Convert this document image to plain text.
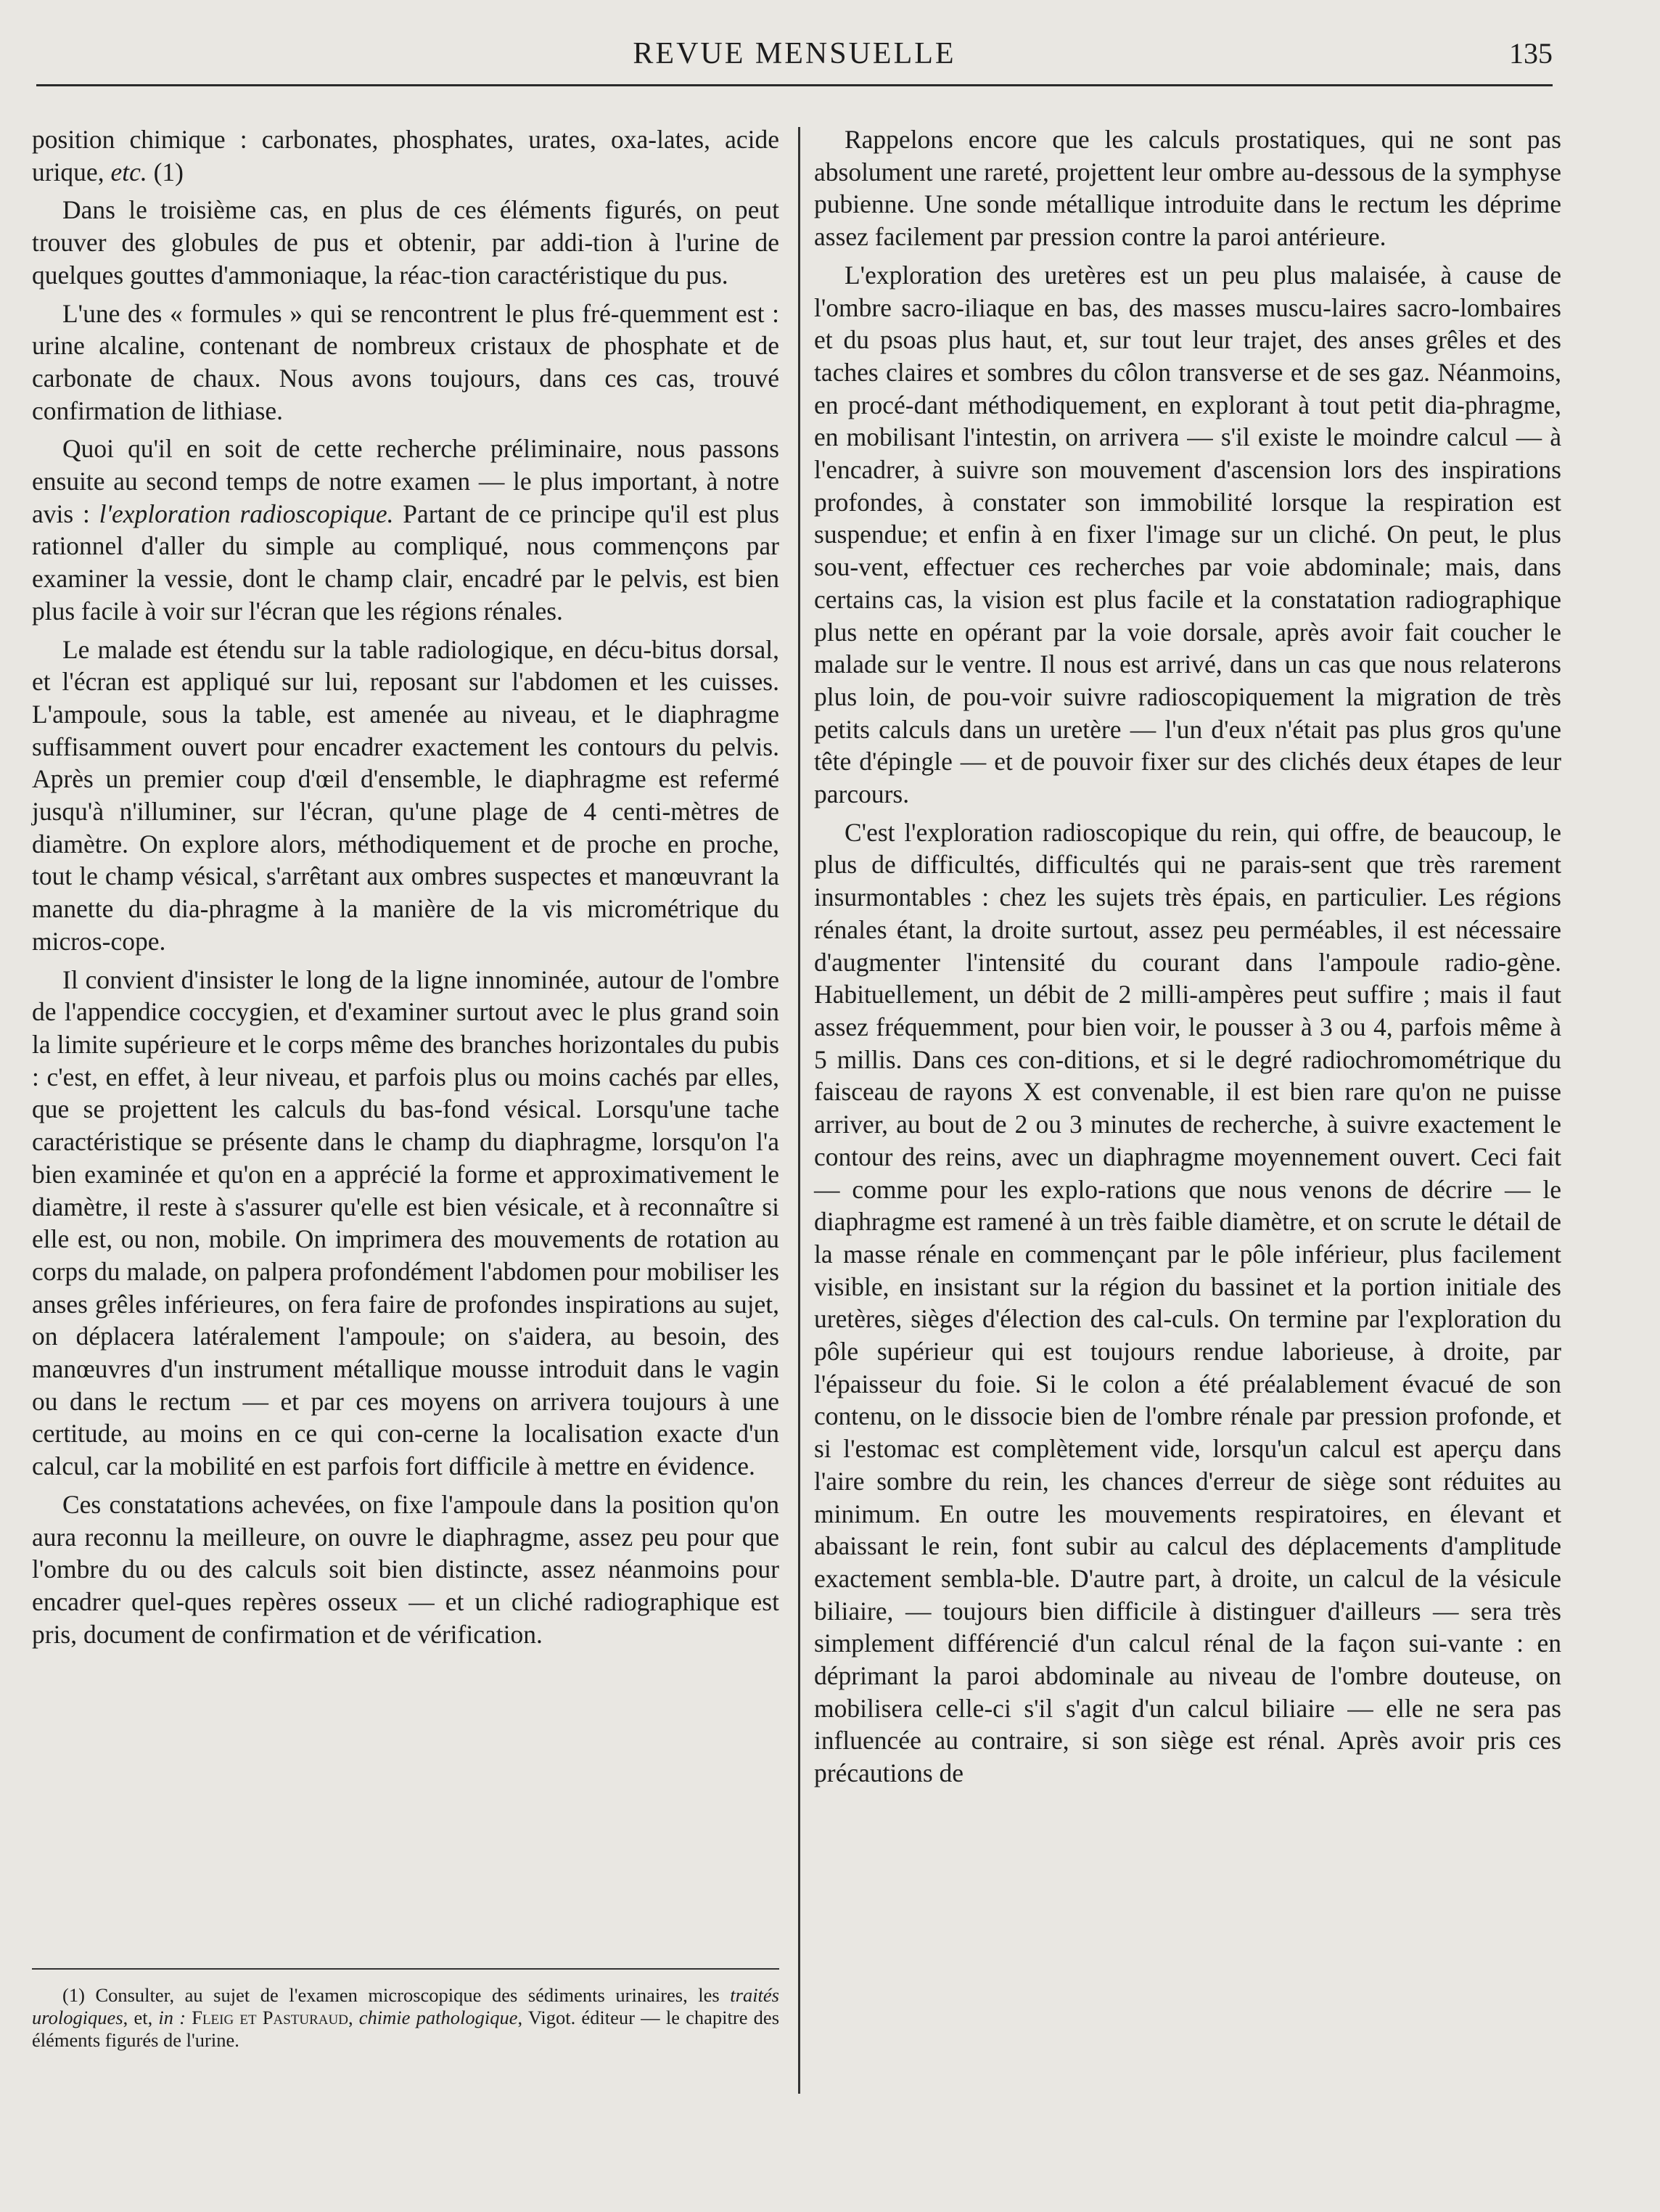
REVUE MENSUELLE	135

position chimique : carbonates, phosphates, urates, oxa-lates, acide urique, etc. (1)

Dans le troisième cas, en plus de ces éléments figurés, on peut trouver des globules de pus et obtenir, par addi-tion à l'urine de quelques gouttes d'ammoniaque, la réac-tion caractéristique du pus.

L'une des « formules » qui se rencontrent le plus fré-quemment est : urine alcaline, contenant de nombreux cristaux de phosphate et de carbonate de chaux. Nous avons toujours, dans ces cas, trouvé confirmation de lithiase.

Quoi qu'il en soit de cette recherche préliminaire, nous passons ensuite au second temps de notre examen — le plus important, à notre avis : l'exploration radioscopique. Partant de ce principe qu'il est plus rationnel d'aller du simple au compliqué, nous commençons par examiner la vessie, dont le champ clair, encadré par le pelvis, est bien plus facile à voir sur l'écran que les régions rénales.

Le malade est étendu sur la table radiologique, en décu-bitus dorsal, et l'écran est appliqué sur lui, reposant sur l'abdomen et les cuisses. L'ampoule, sous la table, est amenée au niveau, et le diaphragme suffisamment ouvert pour encadrer exactement les contours du pelvis. Après un premier coup d'œil d'ensemble, le diaphragme est refermé jusqu'à n'illuminer, sur l'écran, qu'une plage de 4 centi-mètres de diamètre. On explore alors, méthodiquement et de proche en proche, tout le champ vésical, s'arrêtant aux ombres suspectes et manœuvrant la manette du dia-phragme à la manière de la vis micrométrique du micros-cope.

Il convient d'insister le long de la ligne innominée, autour de l'ombre de l'appendice coccygien, et d'examiner surtout avec le plus grand soin la limite supérieure et le corps même des branches horizontales du pubis : c'est, en effet, à leur niveau, et parfois plus ou moins cachés par elles, que se projettent les calculs du bas-fond vésical. Lorsqu'une tache caractéristique se présente dans le champ du diaphragme, lorsqu'on l'a bien examinée et qu'on en a apprécié la forme et approximativement le diamètre, il reste à s'assurer qu'elle est bien vésicale, et à reconnaître si elle est, ou non, mobile. On imprimera des mouvements de rotation au corps du malade, on palpera profondément l'abdomen pour mobiliser les anses grêles inférieures, on fera faire de profondes inspirations au sujet, on déplacera latéralement l'ampoule; on s'aidera, au besoin, des manœuvres d'un instrument métallique mousse introduit dans le vagin ou dans le rectum — et par ces moyens on arrivera toujours à une certitude, au moins en ce qui con-cerne la localisation exacte d'un calcul, car la mobilité en est parfois fort difficile à mettre en évidence.

Ces constatations achevées, on fixe l'ampoule dans la position qu'on aura reconnu la meilleure, on ouvre le diaphragme, assez peu pour que l'ombre du ou des calculs soit bien distincte, assez néanmoins pour encadrer quel-ques repères osseux — et un cliché radiographique est pris, document de confirmation et de vérification.

Rappelons encore que les calculs prostatiques, qui ne sont pas absolument une rareté, projettent leur ombre au-dessous de la symphyse pubienne. Une sonde métallique introduite dans le rectum les déprime assez facilement par pression contre la paroi antérieure.

L'exploration des uretères est un peu plus malaisée, à cause de l'ombre sacro-iliaque en bas, des masses muscu-laires sacro-lombaires et du psoas plus haut, et, sur tout leur trajet, des anses grêles et des taches claires et sombres du côlon transverse et de ses gaz. Néanmoins, en procé-dant méthodiquement, en explorant à tout petit dia-phragme, en mobilisant l'intestin, on arrivera — s'il existe le moindre calcul — à l'encadrer, à suivre son mouvement d'ascension lors des inspirations profondes, à constater son immobilité lorsque la respiration est suspendue; et enfin à en fixer l'image sur un cliché. On peut, le plus sou-vent, effectuer ces recherches par voie abdominale; mais, dans certains cas, la vision est plus facile et la constatation radiographique plus nette en opérant par la voie dorsale, après avoir fait coucher le malade sur le ventre. Il nous est arrivé, dans un cas que nous relaterons plus loin, de pou-voir suivre radioscopiquement la migration de très petits calculs dans un uretère — l'un d'eux n'était pas plus gros qu'une tête d'épingle — et de pouvoir fixer sur des clichés deux étapes de leur parcours.

C'est l'exploration radioscopique du rein, qui offre, de beaucoup, le plus de difficultés, difficultés qui ne parais-sent que très rarement insurmontables : chez les sujets très épais, en particulier. Les régions rénales étant, la droite surtout, assez peu perméables, il est nécessaire d'augmenter l'intensité du courant dans l'ampoule radio-gène. Habituellement, un débit de 2 milli-ampères peut suffire ; mais il faut assez fréquemment, pour bien voir, le pousser à 3 ou 4, parfois même à 5 millis. Dans ces con-ditions, et si le degré radiochromométrique du faisceau de rayons X est convenable, il est bien rare qu'on ne puisse arriver, au bout de 2 ou 3 minutes de recherche, à suivre exactement le contour des reins, avec un diaphragme moyennement ouvert. Ceci fait — comme pour les explo-rations que nous venons de décrire — le diaphragme est ramené à un très faible diamètre, et on scrute le détail de la masse rénale en commençant par le pôle inférieur, plus facilement visible, en insistant sur la région du bassinet et la portion initiale des uretères, sièges d'élection des cal-culs. On termine par l'exploration du pôle supérieur qui est toujours rendue laborieuse, à droite, par l'épaisseur du foie. Si le colon a été préalablement évacué de son contenu, on le dissocie bien de l'ombre rénale par pression profonde, et si l'estomac est complètement vide, lorsqu'un calcul est aperçu dans l'aire sombre du rein, les chances d'erreur de siège sont réduites au minimum. En outre les mouvements respiratoires, en élevant et abaissant le rein, font subir au calcul des déplacements d'amplitude exactement sembla-ble. D'autre part, à droite, un calcul de la vésicule biliaire, — toujours bien difficile à distinguer d'ailleurs — sera très simplement différencié d'un calcul rénal de la façon sui-vante : en déprimant la paroi abdominale au niveau de l'ombre douteuse, on mobilisera celle-ci s'il s'agit d'un calcul biliaire — elle ne sera pas influencée au contraire, si son siège est rénal. Après avoir pris ces précautions de

(1) Consulter, au sujet de l'examen microscopique des sédiments urinaires, les traités urologiques, et, in : Fleig et Pasturaud, chimie pathologique, Vigot. éditeur — le chapitre des éléments figurés de l'urine.
